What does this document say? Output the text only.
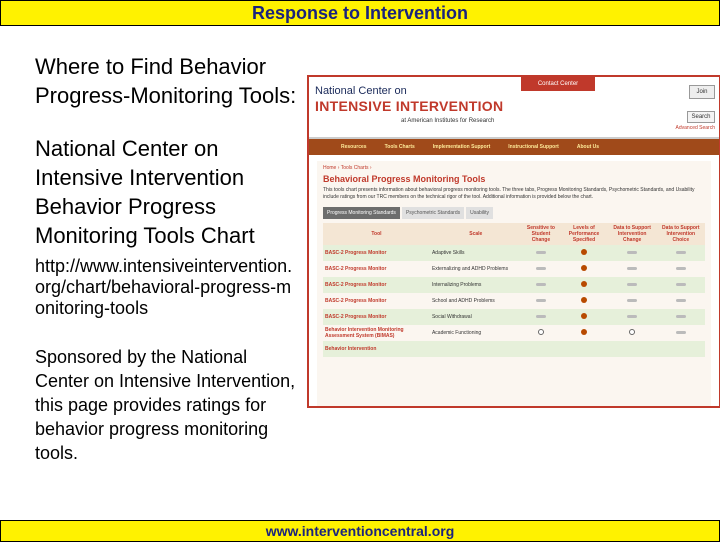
Response to Intervention
Where to Find Behavior Progress-Monitoring Tools:
National Center on Intensive Intervention Behavior Progress Monitoring Tools Chart
http://www.intensiveintervention.org/chart/behavioral-progress-monitoring-tools
Sponsored by the National Center on Intensive Intervention, this page provides ratings for behavior progress monitoring tools.
National Center on
INTENSIVE INTERVENTION
at American Institutes for Research
Contact Center
Join
Search
Advanced Search
Resources	Tools Charts	Implementation Support	Instructional Support	About Us
Home › Tools Charts ›
Behavioral Progress Monitoring Tools
This tools chart presents information about behavioral progress monitoring tools. The three tabs, Progress Monitoring Standards, Psychometric Standards, and Usability include ratings from our TRC members on the technical rigor of the tool. Additional information is provided below the chart.
Progress Monitoring Standards	Psychometric Standards	Usability
Tool	Scale	Sensitive to Student Change	Levels of Performance Specified	Data to Support Intervention Change	Data to Support Intervention Choice
BASC-2 Progress Monitor	Adaptive Skills				
BASC-2 Progress Monitor	Externalizing and ADHD Problems				
BASC-2 Progress Monitor	Internalizing Problems				
BASC-2 Progress Monitor	School and ADHD Problems				
BASC-2 Progress Monitor	Social Withdrawal				
Behavior Intervention Monitoring Assessment System (BIMAS)	Academic Functioning				
Behavior Intervention					
www.interventioncentral.org
